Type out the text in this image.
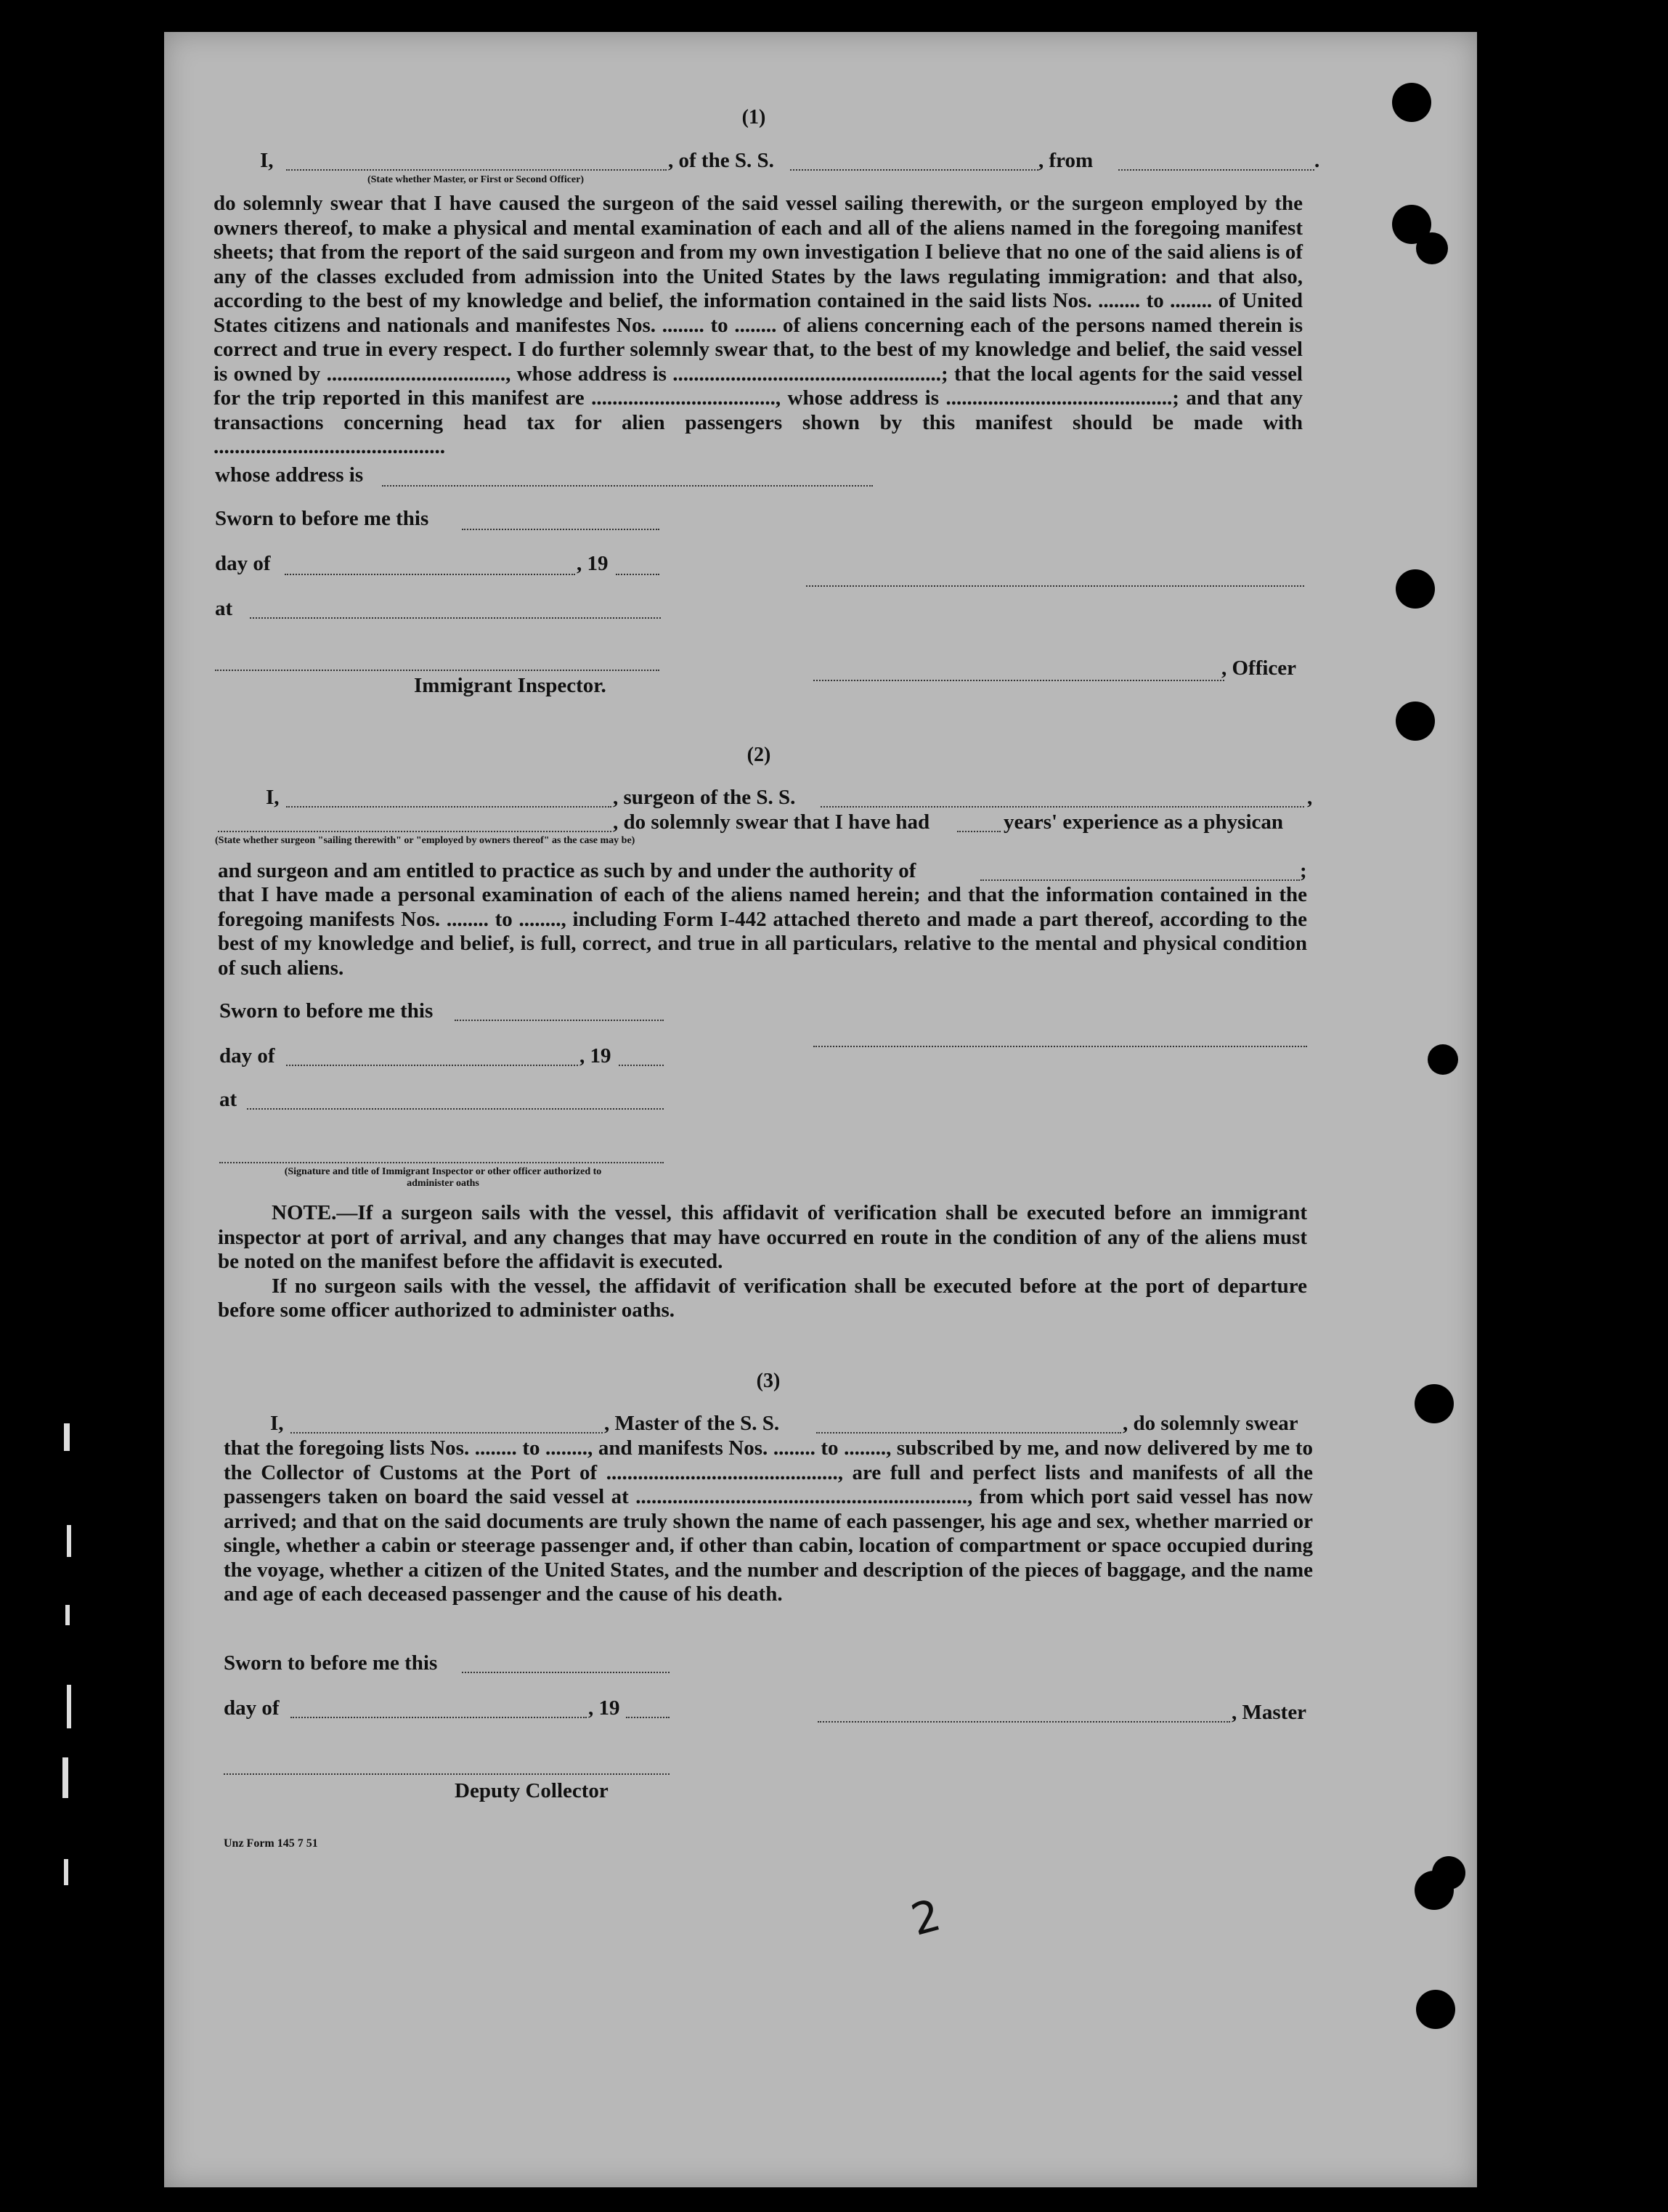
(1)
I,	, of the S. S.	, from	.
(State whether Master, or First or Second Officer)

do solemnly swear that I have caused the surgeon of the said vessel sailing therewith, or the surgeon employed by the owners thereof, to make a physical and mental examination of each and all of the aliens named in the foregoing manifest sheets; that from the report of the said surgeon and from my own investigation I believe that no one of the said aliens is of any of the classes excluded from admission into the United States by the laws regulating immigration: and that also, according to the best of my knowledge and belief, the information contained in the said lists Nos. ........ to ........ of United States citizens and nationals and manifestes Nos. ........ to ........ of aliens concerning each of the persons named therein is correct and true in every respect. I do further solemnly swear that, to the best of my knowledge and belief, the said vessel is owned by .................................., whose address is ...................................................; that the local agents for the said vessel for the trip reported in this manifest are ..................................., whose address is ...........................................; and that any transactions concerning head tax for alien passengers shown by this manifest should be made with ............................................

whose address is
Sworn to before me this
day of	, 19
at
, Officer
Immigrant Inspector.
(2)
I,	, surgeon of the S. S.	,
, do solemnly swear that I have had	years' experience as a physican
(State whether surgeon "sailing therewith" or "employed by owners thereof" as the case may be)
and surgeon and am entitled to practice as such by and under the authority of	;

that I have made a personal examination of each of the aliens named herein; and that the information contained in the foregoing manifests Nos. ........ to ........, including Form I-442 attached thereto and made a part thereof, according to the best of my knowledge and belief, is full, correct, and true in all particulars, relative to the mental and physical condition of such aliens.

Sworn to before me this
day of	, 19
at
(Signature and title of Immigrant Inspector or other officer authorized to administer oaths

NOTE.—If a surgeon sails with the vessel, this affidavit of verification shall be executed before an immigrant inspector at port of arrival, and any changes that may have occurred en route in the condition of any of the aliens must be noted on the manifest before the affidavit is executed.

If no surgeon sails with the vessel, the affidavit of verification shall be executed before at the port of departure before some officer authorized to administer oaths.

(3)
I,	, Master of the S. S.	, do solemnly swear

that the foregoing lists Nos. ........ to ........, and manifests Nos. ........ to ........, subscribed by me, and now delivered by me to the Collector of Customs at the Port of ............................................, are full and perfect lists and manifests of all the passengers taken on board the said vessel at ..............................................................., from which port said vessel has now arrived; and that on the said documents are truly shown the name of each passenger, his age and sex, whether married or single, whether a cabin or steerage passenger and, if other than cabin, location of compartment or space occupied during the voyage, whether a citizen of the United States, and the number and description of the pieces of baggage, and the name and age of each deceased passenger and the cause of his death.

Sworn to before me this
day of	, 19	, Master
Deputy Collector
Unz Form 145 7 51
2
